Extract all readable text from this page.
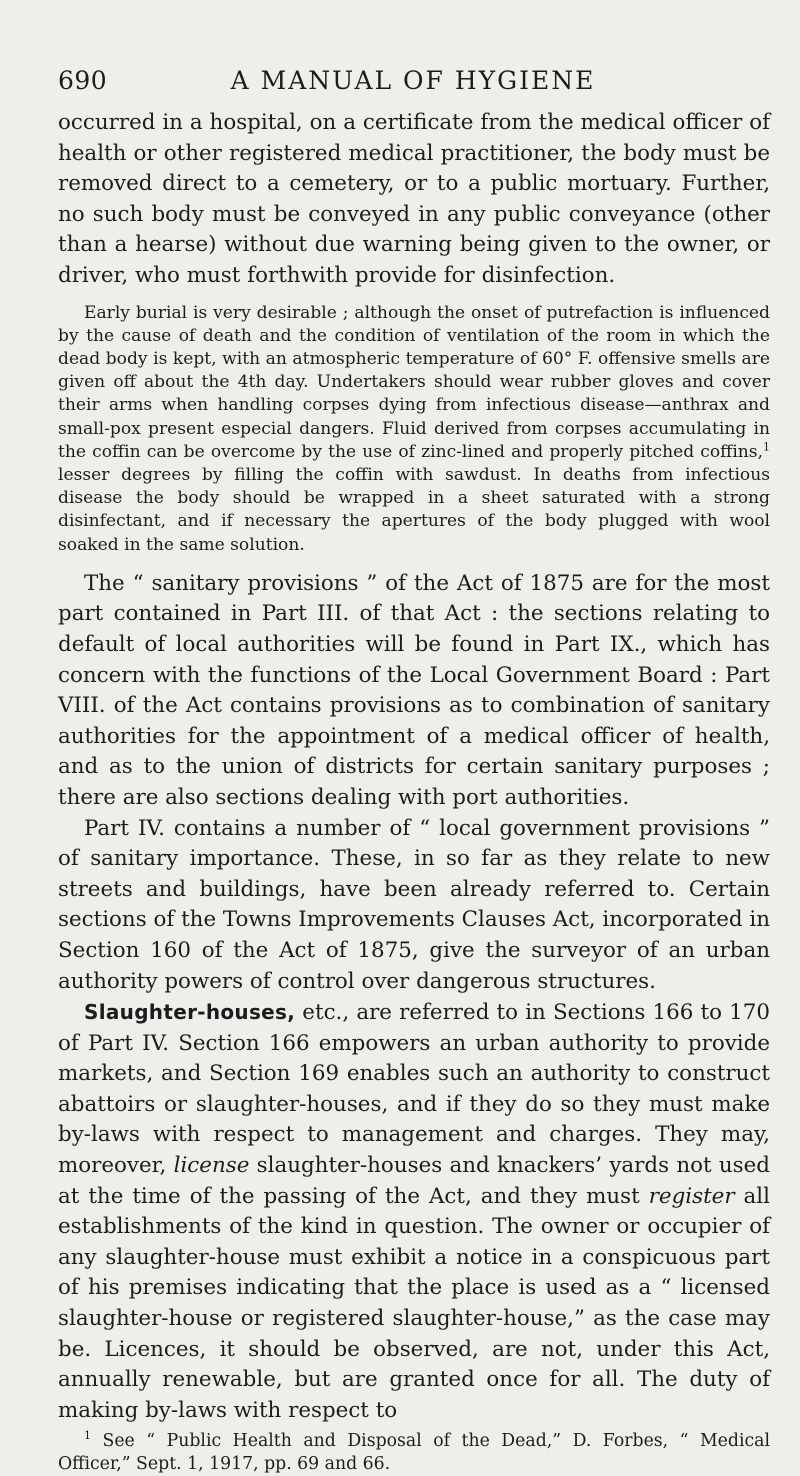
690	A MANUAL OF HYGIENE

occurred in a hospital, on a certificate from the medical officer of health or other registered medical practitioner, the body must be removed direct to a cemetery, or to a public mortuary. Further, no such body must be conveyed in any public conveyance (other than a hearse) without due warning being given to the owner, or driver, who must forthwith provide for disinfection.

Early burial is very desirable ; although the onset of putrefaction is influenced by the cause of death and the condition of ventilation of the room in which the dead body is kept, with an atmospheric temperature of 60° F. offensive smells are given off about the 4th day. Undertakers should wear rubber gloves and cover their arms when handling corpses dying from infectious disease—anthrax and small-pox present especial dangers. Fluid derived from corpses accumulating in the coffin can be overcome by the use of zinc-lined and properly pitched coffins,$^1$ lesser degrees by filling the coffin with sawdust. In deaths from infectious disease the body should be wrapped in a sheet saturated with a strong disinfectant, and if necessary the apertures of the body plugged with wool soaked in the same solution.

The “ sanitary provisions ” of the Act of 1875 are for the most part contained in Part III. of that Act : the sections relating to default of local authorities will be found in Part IX., which has concern with the functions of the Local Government Board : Part VIII. of the Act contains provisions as to combination of sanitary authorities for the appointment of a medical officer of health, and as to the union of districts for certain sanitary purposes ; there are also sections dealing with port authorities.

Part IV. contains a number of “ local government provisions ” of sanitary importance. These, in so far as they relate to new streets and buildings, have been already referred to. Certain sections of the Towns Improvements Clauses Act, incorporated in Section 160 of the Act of 1875, give the surveyor of an urban authority powers of control over dangerous structures.

Slaughter-houses, etc., are referred to in Sections 166 to 170 of Part IV. Section 166 empowers an urban authority to provide markets, and Section 169 enables such an authority to construct abattoirs or slaughter-houses, and if they do so they must make by-laws with respect to management and charges. They may, moreover, license slaughter-houses and knackers’ yards not used at the time of the passing of the Act, and they must register all establishments of the kind in question. The owner or occupier of any slaughter-house must exhibit a notice in a conspicuous part of his premises indicating that the place is used as a “ licensed slaughter-house or registered slaughter-house,” as the case may be. Licences, it should be observed, are not, under this Act, annually renewable, but are granted once for all. The duty of making by-laws with respect to

$^1$ See “ Public Health and Disposal of the Dead,” D. Forbes, “ Medical Officer,” Sept. 1, 1917, pp. 69 and 66.
